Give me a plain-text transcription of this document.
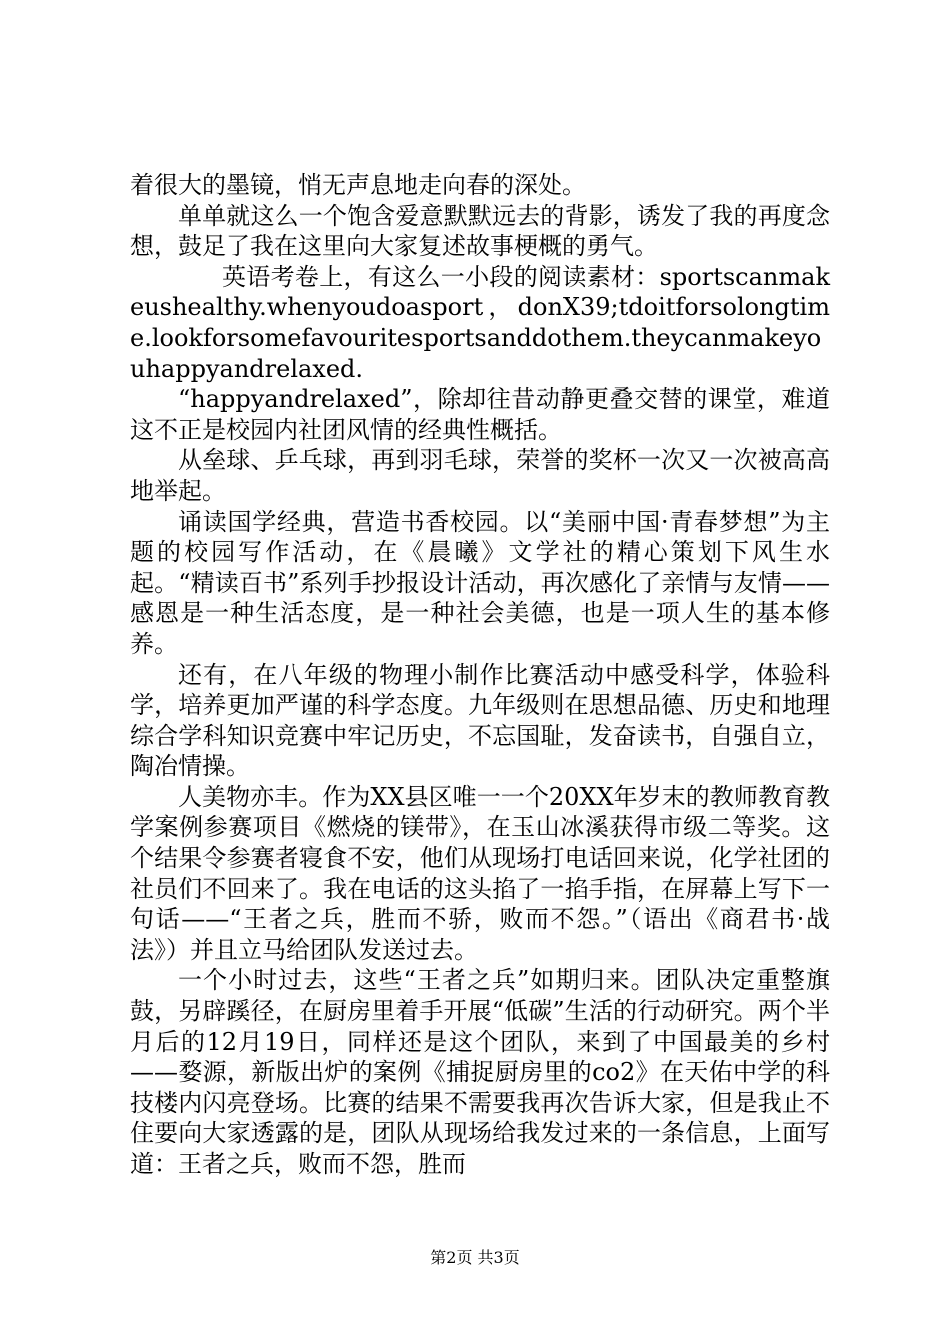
着很大的墨镜，悄无声息地走向春的深处。

单单就这么一个饱含爱意默默远去的背影，诱发了我的再度念想，鼓足了我在这里向大家复述故事梗概的勇气。

英语考卷上，有这么一小段的阅读素材：sportscanmakeushealthy.whenyoudoasport，donX39;tdoitforsolongtime.lookforsomefavouritesportsanddothem.theycanmakeyouhappyandrelaxed.

“happyandrelaxed”，除却往昔动静更叠交替的课堂，难道这不正是校园内社团风情的经典性概括。

从垒球、乒乓球，再到羽毛球，荣誉的奖杯一次又一次被高高地举起。

诵读国学经典，营造书香校园。以“美丽中国·青春梦想”为主题的校园写作活动，在《晨曦》文学社的精心策划下风生水起。“精读百书”系列手抄报设计活动，再次感化了亲情与友情——感恩是一种生活态度，是一种社会美德，也是一项人生的基本修养。

还有，在八年级的物理小制作比赛活动中感受科学，体验科学，培养更加严谨的科学态度。九年级则在思想品德、历史和地理综合学科知识竞赛中牢记历史，不忘国耻，发奋读书，自强自立，陶冶情操。

人美物亦丰。作为XX县区唯一一个20XX年岁末的教师教育教学案例参赛项目《燃烧的镁带》，在玉山冰溪获得市级二等奖。这个结果令参赛者寝食不安，他们从现场打电话回来说，化学社团的社员们不回来了。我在电话的这头掐了一掐手指，在屏幕上写下一句话——“王者之兵，胜而不骄，败而不怨。”（语出《商君书·战法》）并且立马给团队发送过去。

一个小时过去，这些“王者之兵”如期归来。团队决定重整旗鼓，另辟蹊径，在厨房里着手开展“低碳”生活的行动研究。两个半月后的12月19日，同样还是这个团队，来到了中国最美的乡村——婺源，新版出炉的案例《捕捉厨房里的co2》在天佑中学的科技楼内闪亮登场。比赛的结果不需要我再次告诉大家，但是我止不住要向大家透露的是，团队从现场给我发过来的一条信息，上面写道：王者之兵，败而不怨，胜而

第2页 共3页
